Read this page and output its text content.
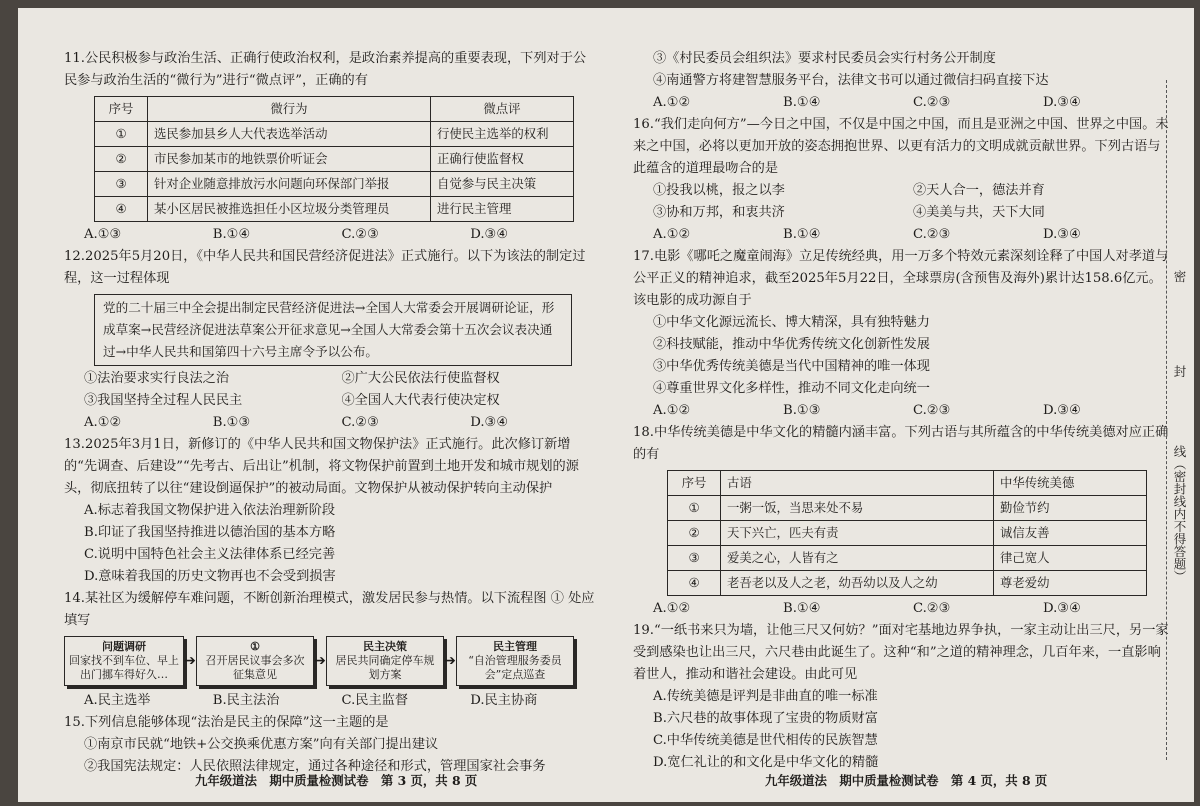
11.公民积极参与政治生活、正确行使政治权利，是政治素养提高的重要表现，下列对于公民参与政治生活的“微行为”进行“微点评”，正确的有

序号	微行为	微点评
①	选民参加县乡人大代表选举活动	行使民主选举的权利
②	市民参加某市的地铁票价听证会	正确行使监督权
③	针对企业随意排放污水问题向环保部门举报	自觉参与民主决策
④	某小区居民被推选担任小区垃圾分类管理员	进行民主管理
A.①③	B.①④	C.②③	D.③④

12.2025年5月20日，《中华人民共和国民营经济促进法》正式施行。以下为该法的制定过程，这一过程体现

党的二十届三中全会提出制定民营经济促进法→全国人大常委会开展调研论证，形成草案→民营经济促进法草案公开征求意见→全国人大常委会第十五次会议表决通过→中华人民共和国第四十六号主席令予以公布。
①法治要求实行良法之治	②广大公民依法行使监督权
③我国坚持全过程人民民主	④全国人大代表行使决定权
A.①②	B.①③	C.②③	D.③④

13.2025年3月1日，新修订的《中华人民共和国文物保护法》正式施行。此次修订新增的“先调查、后建设”“先考古、后出让”机制，将文物保护前置到土地开发和城市规划的源头，彻底扭转了以往“建设倒逼保护”的被动局面。文物保护从被动保护转向主动保护

A.标志着我国文物保护进入依法治理新阶段

B.印证了我国坚持推进以德治国的基本方略

C.说明中国特色社会主义法律体系已经完善

D.意味着我国的历史文物再也不会受到损害

14.某社区为缓解停车难问题，不断创新治理模式，激发居民参与热情。以下流程图 ① 处应填写

问题调研
回家找不到车位、早上出门挪车得好久…
➔
①
召开居民议事会多次征集意见
➔
民主决策
居民共同确定停车规划方案
➔
民主管理
“自治管理服务委员会”定点巡查
A.民主选举	B.民主法治	C.民主监督	D.民主协商

15.下列信息能够体现“法治是民主的保障”这一主题的是

①南京市民就“地铁+公交换乘优惠方案”向有关部门提出建议

②我国宪法规定：人民依照法律规定，通过各种途径和形式，管理国家社会事务

九年级道法　期中质量检测试卷　第 3 页，共 8 页

③《村民委员会组织法》要求村民委员会实行村务公开制度

④南通警方将建智慧服务平台，法律文书可以通过微信扫码直接下达

A.①②	B.①④	C.②③	D.③④

16.“我们走向何方”—今日之中国，不仅是中国之中国，而且是亚洲之中国、世界之中国。未来之中国，必将以更加开放的姿态拥抱世界、以更有活力的文明成就贡献世界。下列古语与此蕴含的道理最吻合的是

①投我以桃，报之以李	②天人合一，德法并育
③协和万邦，和衷共济	④美美与共，天下大同
A.①②	B.①④	C.②③	D.③④

17.电影《哪吒之魔童闹海》立足传统经典，用一万多个特效元素深刻诠释了中国人对孝道与公平正义的精神追求，截至2025年5月22日，全球票房(含预售及海外)累计达158.6亿元。该电影的成功源自于

①中华文化源远流长、博大精深，具有独特魅力

②科技赋能，推动中华优秀传统文化创新性发展

③中华优秀传统美德是当代中国精神的唯一体现

④尊重世界文化多样性，推动不同文化走向统一

A.①②	B.①③	C.②③	D.③④

18.中华传统美德是中华文化的精髓内涵丰富。下列古语与其所蕴含的中华传统美德对应正确的有

序号	古语	中华传统美德
①	一粥一饭，当思来处不易	勤俭节约
②	天下兴亡，匹夫有责	诚信友善
③	爱美之心，人皆有之	律己宽人
④	老吾老以及人之老，幼吾幼以及人之幼	尊老爱幼
A.①②	B.①④	C.②③	D.③④

19.“一纸书来只为墙，让他三尺又何妨？”面对宅基地边界争执，一家主动让出三尺，另一家受到感染也让出三尺，六尺巷由此诞生了。这种“和”之道的精神理念，几百年来，一直影响着世人，推动和谐社会建设。由此可见

A.传统美德是评判是非曲直的唯一标准

B.六尺巷的故事体现了宝贵的物质财富

C.中华传统美德是世代相传的民族智慧

D.宽仁礼让的和文化是中华文化的精髓

九年级道法　期中质量检测试卷　第 4 页，共 8 页
密
封
线（密封线内不得答题）
